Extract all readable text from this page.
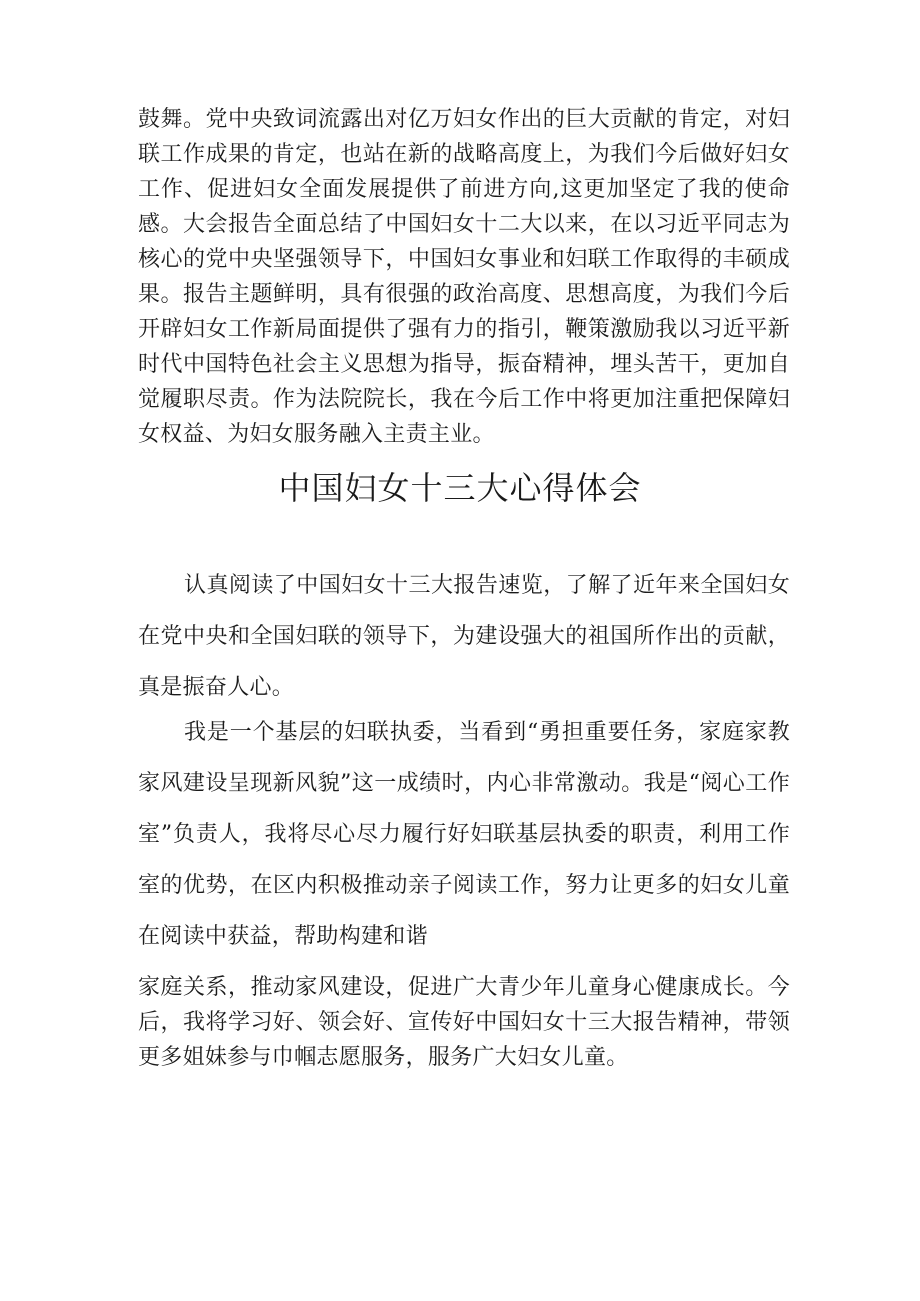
鼓舞。党中央致词流露出对亿万妇女作出的巨大贡献的肯定，对妇联工作成果的肯定，也站在新的战略高度上，为我们今后做好妇女工作、促进妇女全面发展提供了前进方向,这更加坚定了我的使命感。大会报告全面总结了中国妇女十二大以来，在以习近平同志为核心的党中央坚强领导下，中国妇女事业和妇联工作取得的丰硕成果。报告主题鲜明，具有很强的政治高度、思想高度，为我们今后开辟妇女工作新局面提供了强有力的指引，鞭策激励我以习近平新时代中国特色社会主义思想为指导，振奋精神，埋头苦干，更加自觉履职尽责。作为法院院长，我在今后工作中将更加注重把保障妇女权益、为妇女服务融入主责主业。

中国妇女十三大心得体会

认真阅读了中国妇女十三大报告速览，了解了近年来全国妇女在党中央和全国妇联的领导下，为建设强大的祖国所作出的贡献，真是振奋人心。

我是一个基层的妇联执委，当看到“勇担重要任务，家庭家教家风建设呈现新风貌”这一成绩时，内心非常激动。我是“阅心工作室”负责人，我将尽心尽力履行好妇联基层执委的职责，利用工作室的优势，在区内积极推动亲子阅读工作，努力让更多的妇女儿童在阅读中获益，帮助构建和谐

家庭关系，推动家风建设，促进广大青少年儿童身心健康成长。今后，我将学习好、领会好、宣传好中国妇女十三大报告精神，带领更多姐妹参与巾帼志愿服务，服务广大妇女儿童。
